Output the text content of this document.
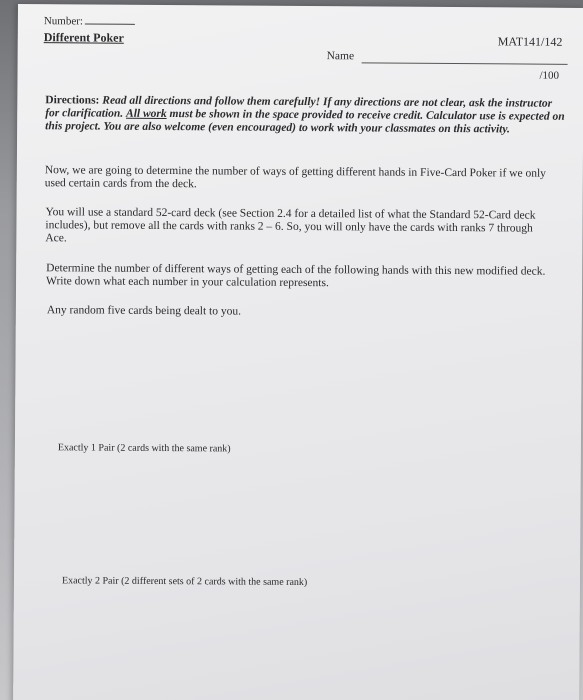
Number:
Different Poker	MAT141/142
Name
/100
Directions: Read all directions and follow them carefully! If any directions are not clear, ask the instructor for clarification. All work must be shown in the space provided to receive credit. Calculator use is expected on this project. You are also welcome (even encouraged) to work with your classmates on this activity.
Now, we are going to determine the number of ways of getting different hands in Five-Card Poker if we only used certain cards from the deck.
You will use a standard 52-card deck (see Section 2.4 for a detailed list of what the Standard 52-Card deck includes), but remove all the cards with ranks 2 – 6. So, you will only have the cards with ranks 7 through Ace.
Determine the number of different ways of getting each of the following hands with this new modified deck. Write down what each number in your calculation represents.
Any random five cards being dealt to you.
Exactly 1 Pair (2 cards with the same rank)
Exactly 2 Pair (2 different sets of 2 cards with the same rank)
